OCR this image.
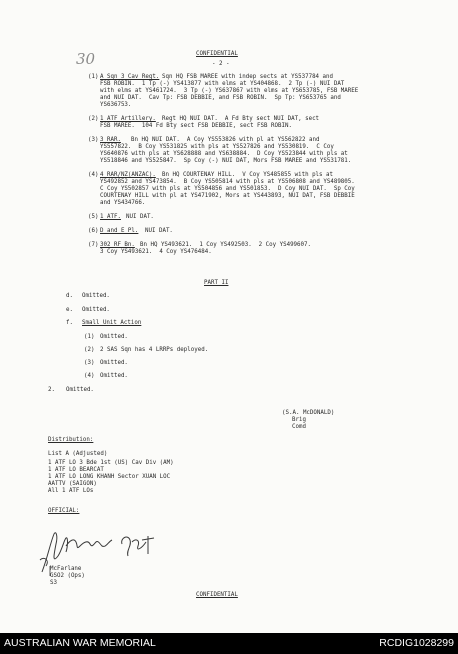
30	CONFIDENTIAL
- 2 -
(1) A Sqn 3 Cav Regt. Sqn HQ FSB MAREE with indep sects at YS537784 and
FSB ROBIN.  1 Tp (-) YS413877 with elms at YS404868.  2 Tp (-) NUI DAT
with elms at YS461724.  3 Tp (-) YS637867 with elms at YS653785, FSB MAREE
and NUI DAT.  Cav Tp: FSB DEBBIE, and FSB ROBIN.  Sp Tp: YS653765 and
YS636753.
(2) 1 ATF Artillery. Regt HQ NUI DAT.  A Fd Bty sect NUI DAT, sect
FSB MAREE.  104 Fd Bty sect FSB DEBBIE, sect FSB ROBIN.
(3) 3 RAR. Bn HQ NUI DAT.  A Coy YS553826 with pl at YS562822 and
YS557822.  B Coy YS531825 with pls at YS527826 and YS530819.  C Coy
YS640876 with pls at YS628888 and YS638884.  D Coy YS523844 with pls at
YS518846 and YS525847.  Sp Coy (-) NUI DAT, Mors FSB MAREE and YS531781.
(4) 4 RAR/NZ(ANZAC). Bn HQ COURTENAY HILL.  V Coy YS485855 with pls at
YS492852 and YS473854.  B Coy YS505814 with pls at YS506808 and YS489805.
C Coy YS502857 with pls at YS504856 and YS501853.  D Coy NUI DAT.  Sp Coy
COURTENAY HILL with pl at YS471902, Mors at YS443893, NUI DAT, FSB DEBBIE
and YS434766.
(5) 1 ATF. NUI DAT.
(6) D and E Pl. NUI DAT.
(7) 302 RF Bn. Bn HQ YS493621.  1 Coy YS492503.  2 Coy YS499607.
3 Coy YS493621.  4 Coy YS476484.
PART II
d. Omitted.
e. Omitted.
f. Small Unit Action
(1) Omitted.
(2) 2 SAS Sqn has 4 LRRPs deployed.
(3) Omitted.
(4) Omitted.
2. Omitted.
(S.A. McDONALD)
Brig
Comd
Distribution:
List A (Adjusted)
1 ATF LO 3 Bde 1st (US) Cav Div (AM)
1 ATF LO BEARCAT
1 ATF LO LONG KHANH Sector XUAN LOC
AATTV (SAIGON)
All 1 ATF LOs
OFFICIAL:
McFarlane
GSO2 (Ops)
S3
CONFIDENTIAL
AUSTRALIAN WAR MEMORIAL	RCDIG1028299
